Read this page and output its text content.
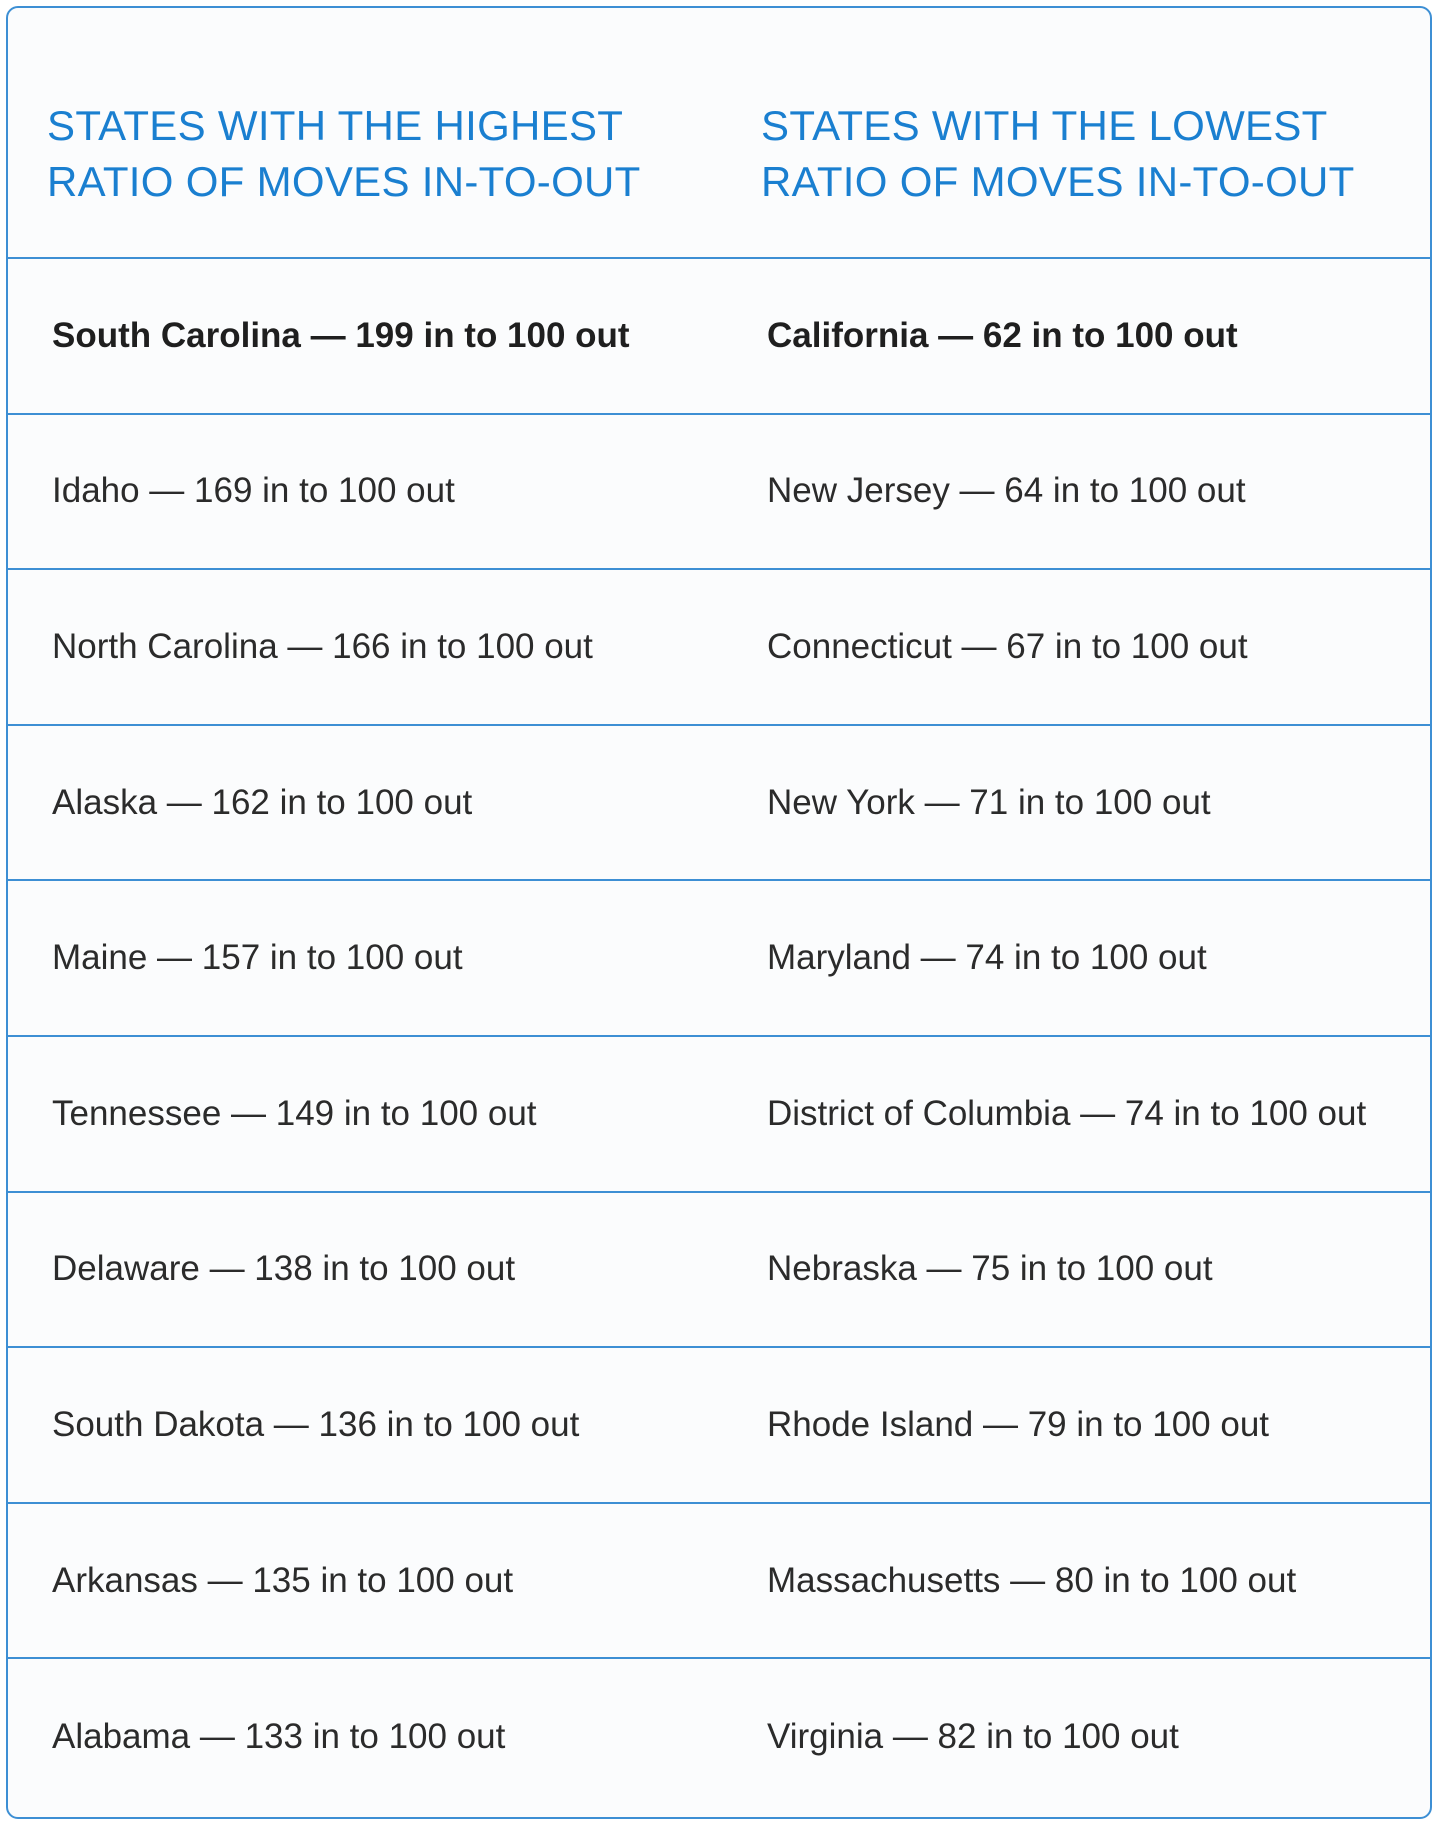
STATES WITH THE HIGHEST RATIO OF MOVES IN-TO-OUT
STATES WITH THE LOWEST RATIO OF MOVES IN-TO-OUT
South Carolina — 199 in to 100 out	California — 62 in to 100 out
Idaho — 169 in to 100 out	New Jersey — 64 in to 100 out
North Carolina — 166 in to 100 out	Connecticut — 67 in to 100 out
Alaska — 162 in to 100 out	New York — 71 in to 100 out
Maine — 157 in to 100 out	Maryland — 74 in to 100 out
Tennessee — 149 in to 100 out	District of Columbia — 74 in to 100 out
Delaware — 138 in to 100 out	Nebraska — 75 in to 100 out
South Dakota — 136 in to 100 out	Rhode Island — 79 in to 100 out
Arkansas — 135 in to 100 out	Massachusetts — 80 in to 100 out
Alabama — 133 in to 100 out	Virginia — 82 in to 100 out
